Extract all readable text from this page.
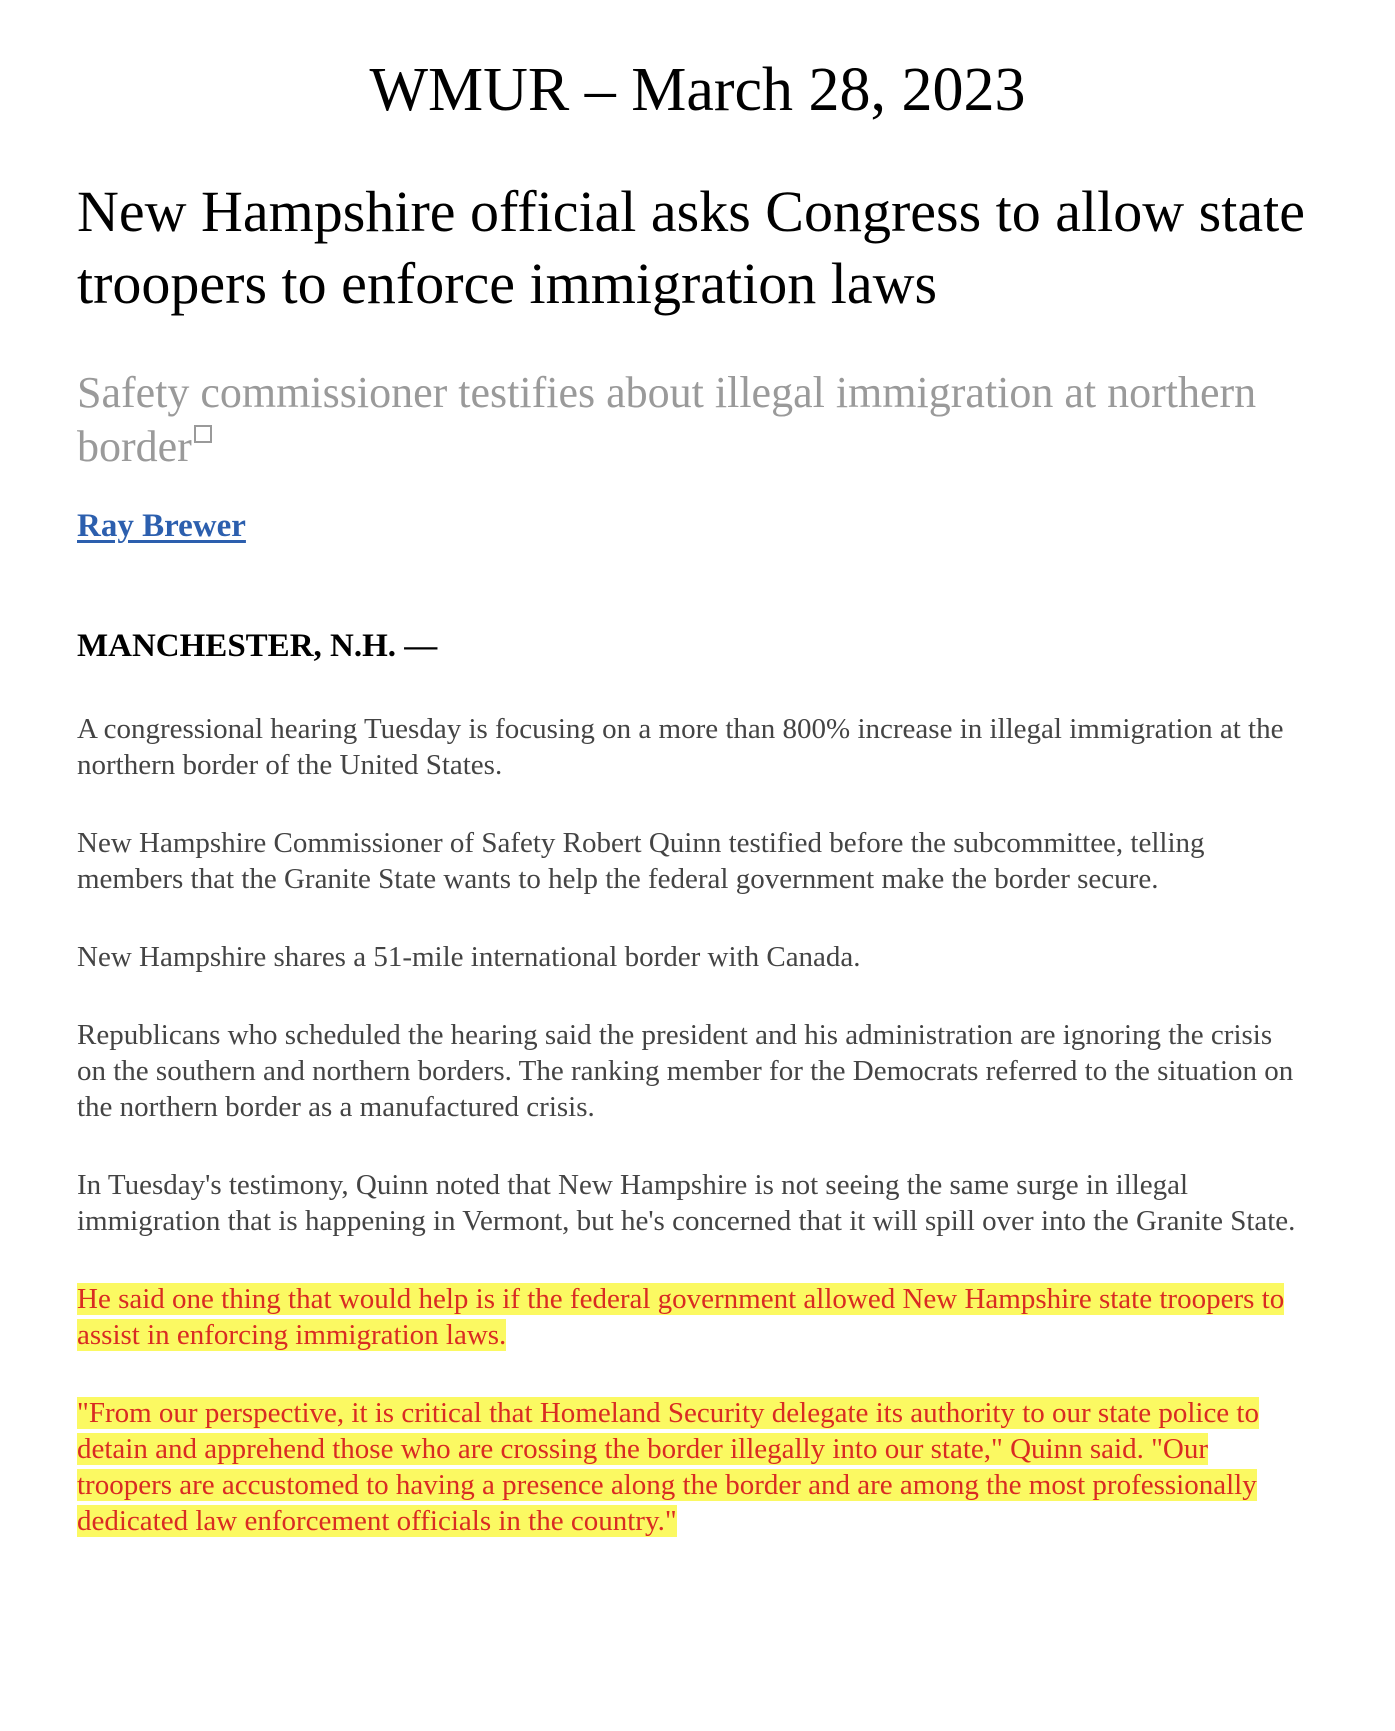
WMUR – March 28, 2023
New Hampshire official asks Congress to allow state troopers to enforce immigration laws
Safety commissioner testifies about illegal immigration at northern border
Ray Brewer
MANCHESTER, N.H. —

A congressional hearing Tuesday is focusing on a more than 800% increase in illegal immigration at the northern border of the United States.

New Hampshire Commissioner of Safety Robert Quinn testified before the subcommittee, telling members that the Granite State wants to help the federal government make the border secure.

New Hampshire shares a 51-mile international border with Canada.

Republicans who scheduled the hearing said the president and his administration are ignoring the crisis on the southern and northern borders. The ranking member for the Democrats referred to the situation on the northern border as a manufactured crisis.

In Tuesday's testimony, Quinn noted that New Hampshire is not seeing the same surge in illegal immigration that is happening in Vermont, but he's concerned that it will spill over into the Granite State.

He said one thing that would help is if the federal government allowed New Hampshire state troopers to assist in enforcing immigration laws.

"From our perspective, it is critical that Homeland Security delegate its authority to our state police to detain and apprehend those who are crossing the border illegally into our state," Quinn said. "Our troopers are accustomed to having a presence along the border and are among the most professionally dedicated law enforcement officials in the country."
